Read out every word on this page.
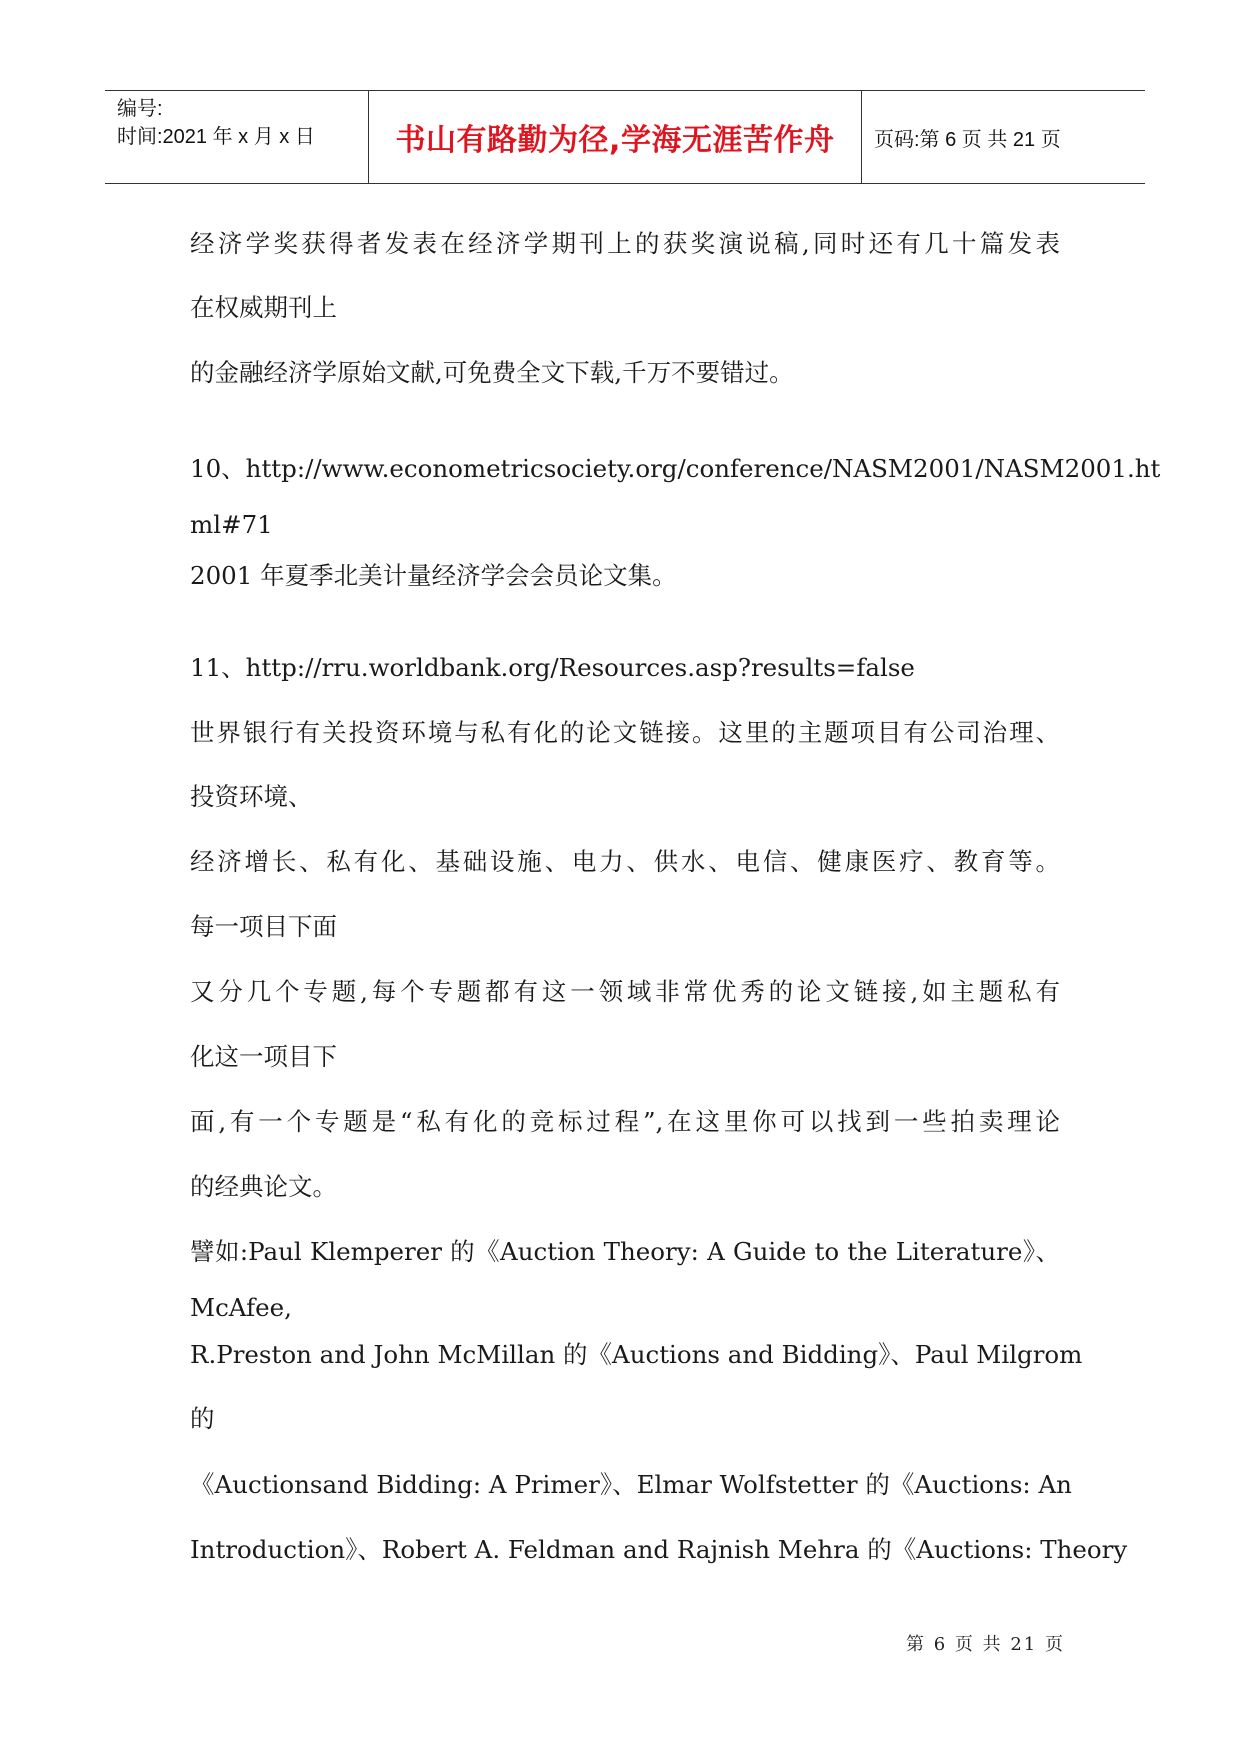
编号:
时间:2021 年 x 月 x 日	书山有路勤为径,学海无涯苦作舟 页码:第 6 页 共 21 页
经济学奖获得者发表在经济学期刊上的获奖演说稿,同时还有几十篇发表
在权威期刊上
的金融经济学原始文献,可免费全文下载,千万不要错过。
10、http://www.econometricsociety.org/conference/NASM2001/NASM2001.ht
ml#71
2001 年夏季北美计量经济学会会员论文集。
11、http://rru.worldbank.org/Resources.asp?results=false
世界银行有关投资环境与私有化的论文链接。这里的主题项目有公司治理、
投资环境、
经济增长、私有化、基础设施、电力、供水、电信、健康医疗、教育等。
每一项目下面
又分几个专题,每个专题都有这一领域非常优秀的论文链接,如主题私有
化这一项目下
面,有一个专题是“私有化的竞标过程”,在这里你可以找到一些拍卖理论
的经典论文。
譬如:Paul Klemperer 的《Auction Theory: A Guide to the Literature》、
McAfee,
R.Preston and John McMillan 的《Auctions and Bidding》、Paul Milgrom
的
《Auctionsand Bidding: A Primer》、Elmar Wolfstetter 的《Auctions: An
Introduction》、Robert A. Feldman and Rajnish Mehra 的《Auctions: Theory
第 6 页 共 21 页
